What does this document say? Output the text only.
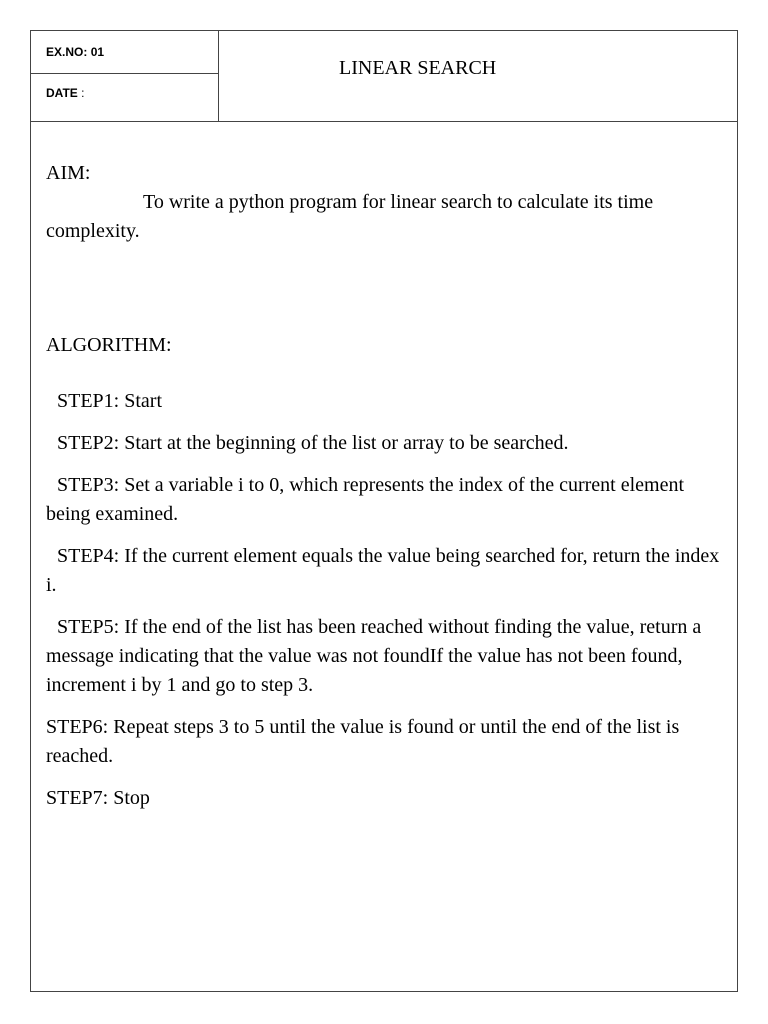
EX.NO: 01
DATE :
LINEAR SEARCH

AIM:

To write a python program for linear search to calculate its time complexity.

ALGORITHM:

STEP1: Start

STEP2: Start at the beginning of the list or array to be searched.

STEP3: Set a variable i to 0, which represents the index of the current element being examined.

STEP4: If the current element equals the value being searched for, return the index i.

STEP5: If the end of the list has been reached without finding the value, return a message indicating that the value was not foundIf the value has not been found, increment i by 1 and go to step 3.

STEP6: Repeat steps 3 to 5 until the value is found or until the end of the list is reached.

STEP7: Stop
